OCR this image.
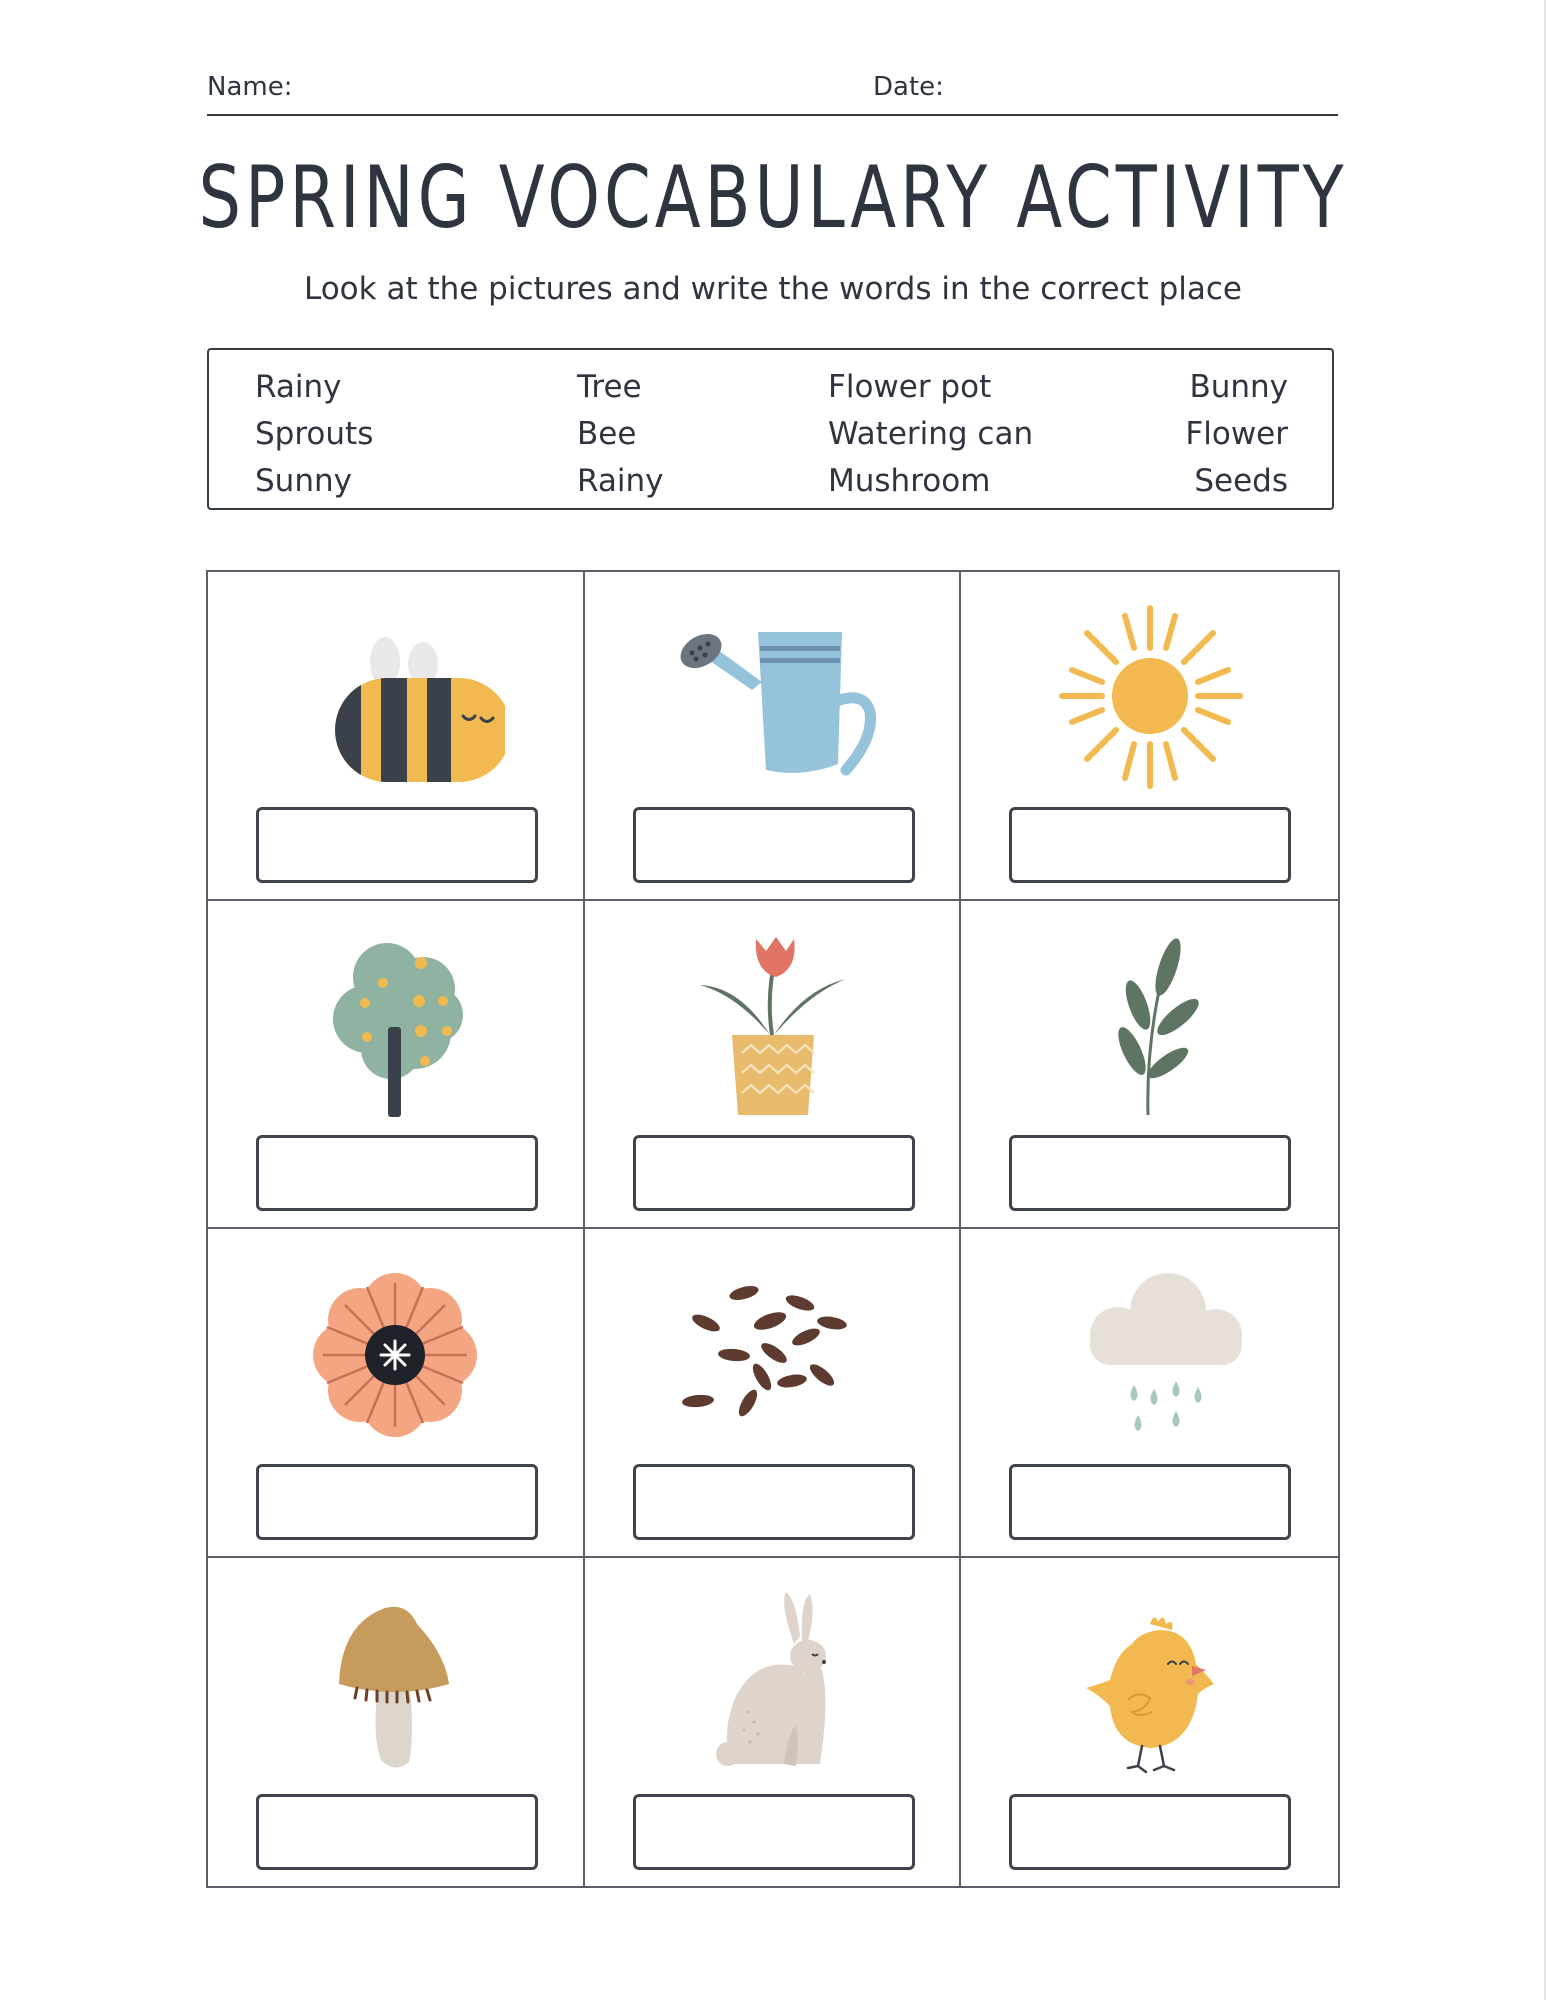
Name:	Date:
SPRING VOCABULARY ACTIVITY

Look at the pictures and write the words in the correct place

Rainy
Sprouts
Sunny
Tree
Bee
Rainy
Flower pot
Watering can
Mushroom
Bunny
Flower
Seeds
